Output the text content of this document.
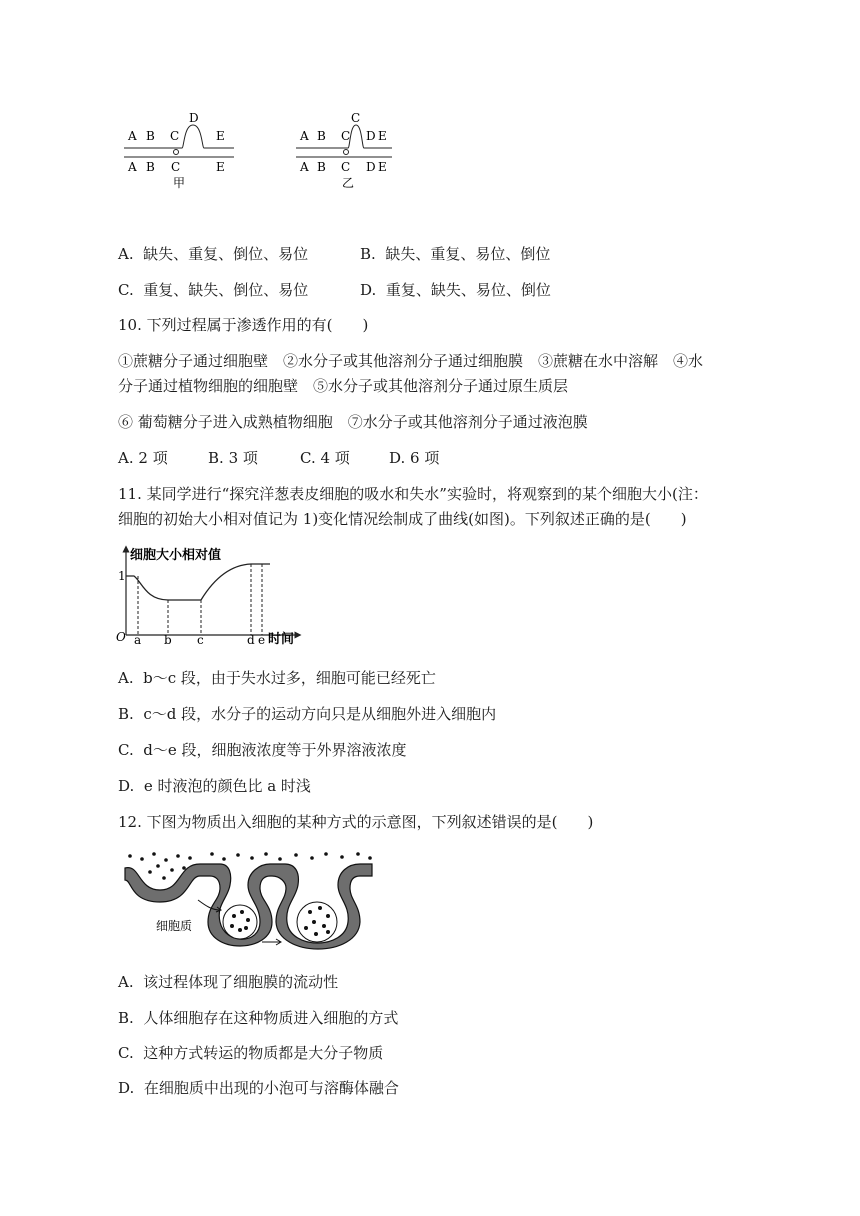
A B C
D
E
A B C	E
甲
A B C
C
D E
A B C D E
乙
A. 缺失、重复、倒位、易位	B. 缺失、重复、易位、倒位
C. 重复、缺失、倒位、易位	D. 重复、缺失、易位、倒位
10. 下列过程属于渗透作用的有(　　)
①蔗糖分子通过细胞壁　②水分子或其他溶剂分子通过细胞膜　③蔗糖在水中溶解　④水
分子通过植物细胞的细胞壁　⑤水分子或其他溶剂分子通过原生质层
⑥ 葡萄糖分子进入成熟植物细胞　⑦水分子或其他溶剂分子通过液泡膜
A. 2 项	B. 3 项	C. 4 项	D. 6 项
11. 某同学进行“探究洋葱表皮细胞的吸水和失水”实验时，将观察到的某个细胞大小(注：
细胞的初始大小相对值记为 1)变化情况绘制成了曲线(如图)。下列叙述正确的是(　　)
细胞大小相对值
1
O	时间
a b c	d e
A. b～c 段，由于失水过多，细胞可能已经死亡
B. c～d 段，水分子的运动方向只是从细胞外进入细胞内
C. d～e 段，细胞液浓度等于外界溶液浓度
D. e 时液泡的颜色比 a 时浅
12. 下图为物质出入细胞的某种方式的示意图，下列叙述错误的是(　　)
细胞质
A. 该过程体现了细胞膜的流动性
B. 人体细胞存在这种物质进入细胞的方式
C. 这种方式转运的物质都是大分子物质
D. 在细胞质中出现的小泡可与溶酶体融合
